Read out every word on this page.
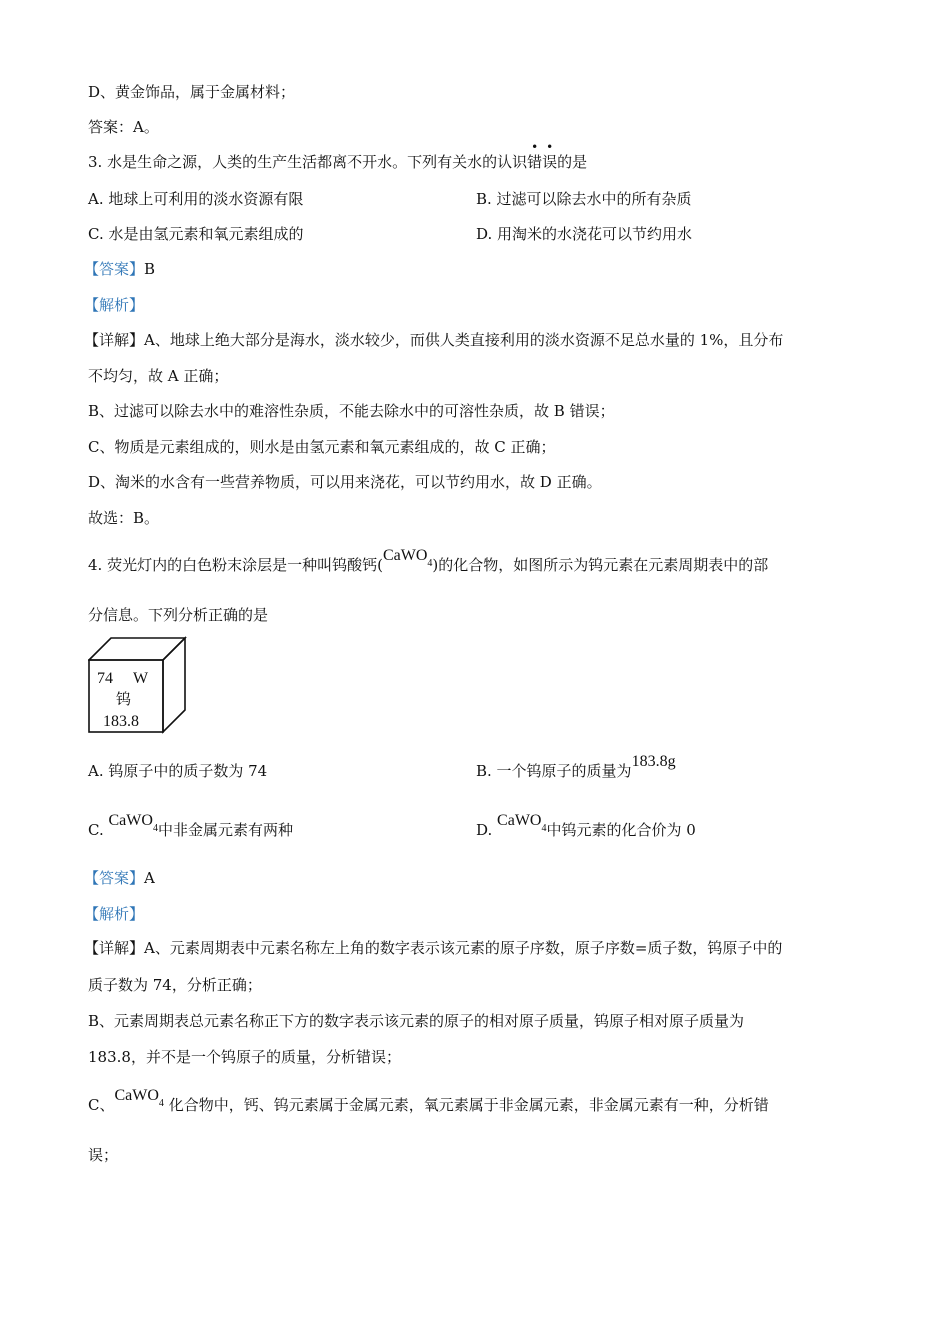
D、黄金饰品，属于金属材料；
答案：A。
3. 水是生命之源，人类的生产生活都离不开水。下列有关水的认识
•
错
•
误的是
A. 地球上可利用的淡水资源有限	B. 过滤可以除去水中的所有杂质
C. 水是由氢元素和氧元素组成的	D. 用淘米的水浇花可以节约用水
【答案】B
【解析】
【详解】A、地球上绝大部分是海水，淡水较少，而供人类直接利用的淡水资源不足总水量的 1%，且分布
不均匀，故 A 正确；
B、过滤可以除去水中的难溶性杂质，不能去除水中的可溶性杂质，故 B 错误；
C、物质是元素组成的，则水是由氢元素和氧元素组成的，故 C 正确；
D、淘米的水含有一些营养物质，可以用来浇花，可以节约用水，故 D 正确。
故选：B。
4. 荧光灯内的白色粉末涂层是一种叫钨酸钙(CaWO$^4$)的化合物，如图所示为钨元素在元素周期表中的部
分信息。下列分析正确的是
74 W
钨
183.8
A. 钨原子中的质子数为 74	B. 一个钨原子的质量为183.8g
C. CaWO$^4$中非金属元素有两种	D. CaWO$^4$中钨元素的化合价为 0
【答案】A
【解析】
【详解】A、元素周期表中元素名称左上角的数字表示该元素的原子序数，原子序数=质子数，钨原子中的
质子数为 74，分析正确；
B、元素周期表总元素名称正下方的数字表示该元素的原子的相对原子质量，钨原子相对原子质量为
183.8，并不是一个钨原子的质量，分析错误；
C、CaWO$^4$ 化合物中，钙、钨元素属于金属元素，氧元素属于非金属元素，非金属元素有一种，分析错
误；
